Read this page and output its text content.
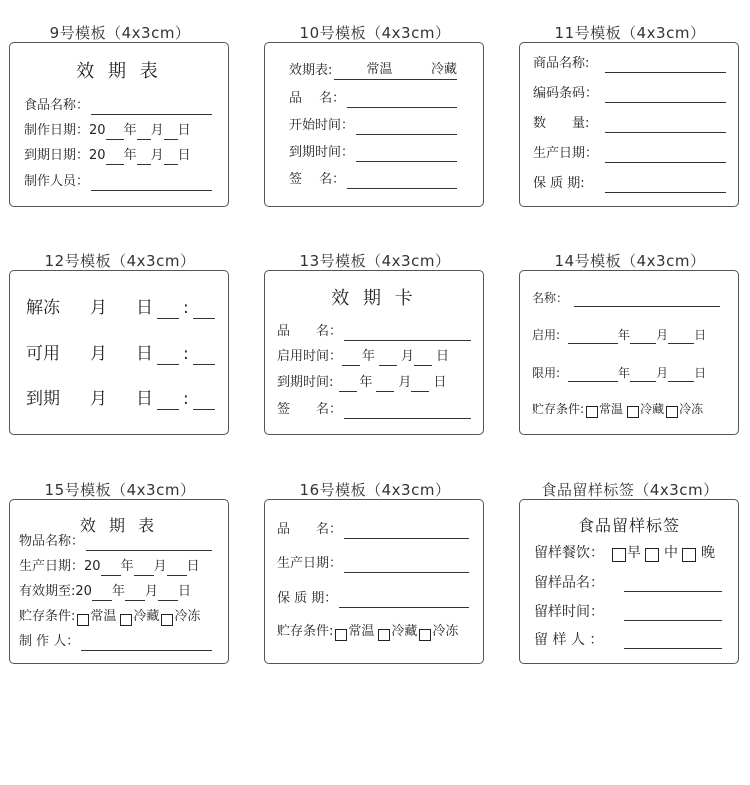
9号模板（4x3cm）
效 期 表
食品名称：
制作日期： 20 年 月 日
到期日期： 20 年 月 日
制作人员：
10号模板（4x3cm）
效期表:	常温	冷藏
品　 名：
开始时间：
到期时间：
签　 名：
11号模板（4x3cm）
商品名称:
编码条码：
数　　量:
生产日期：
保 质 期:
12号模板（4x3cm）
解冻	月	日 :
可用	月	日 :
到期	月	日 :
13号模板（4x3cm）
效 期 卡
品　　名：
启用时间： 年 月 日
到期时间: 年 月 日
签　　名：
14号模板（4x3cm）
名称：
启用:	年 月 日
限用:	年 月 日
贮存条件: 常温 冷藏 冷冻
15号模板（4x3cm）
效 期 表
物品名称：
生产日期： 20 年 月 日
有效期至: 20 年 月 日
贮存条件: 常温 冷藏 冷冻
制 作 人：
16号模板（4x3cm）
品　　名：
生产日期：
保 质 期：
贮存条件: 常温 冷藏 冷冻
食品留样标签（4x3cm）
食品留样标签
留样餐饮：	早 中 晚
留样品名：
留样时间：
留 样 人 ：
